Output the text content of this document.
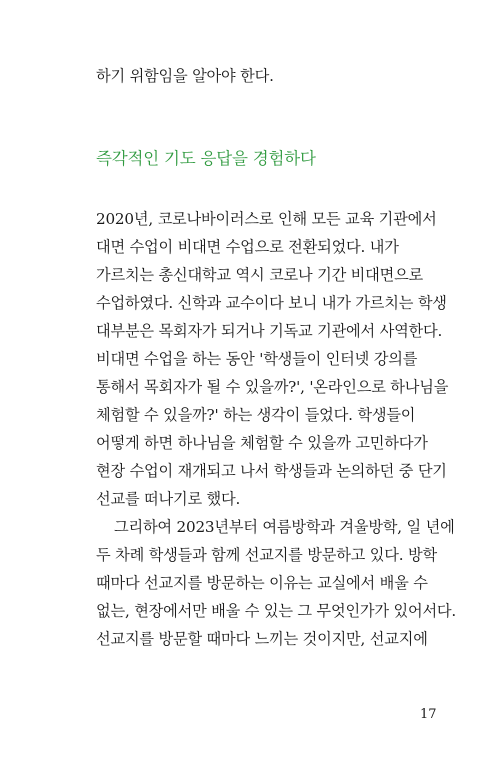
하기 위함임을 알아야 한다.
즉각적인 기도 응답을 경험하다
2020년, 코로나바이러스로 인해 모든 교육 기관에서
대면 수업이 비대면 수업으로 전환되었다. 내가
가르치는 총신대학교 역시 코로나 기간 비대면으로
수업하였다. 신학과 교수이다 보니 내가 가르치는 학생
대부분은 목회자가 되거나 기독교 기관에서 사역한다.
비대면 수업을 하는 동안 '학생들이 인터넷 강의를
통해서 목회자가 될 수 있을까?', '온라인으로 하나님을
체험할 수 있을까?' 하는 생각이 들었다. 학생들이
어떻게 하면 하나님을 체험할 수 있을까 고민하다가
현장 수업이 재개되고 나서 학생들과 논의하던 중 단기
선교를 떠나기로 했다.
그리하여 2023년부터 여름방학과 겨울방학, 일 년에
두 차례 학생들과 함께 선교지를 방문하고 있다. 방학
때마다 선교지를 방문하는 이유는 교실에서 배울 수
없는, 현장에서만 배울 수 있는 그 무엇인가가 있어서다.
선교지를 방문할 때마다 느끼는 것이지만, 선교지에
17
